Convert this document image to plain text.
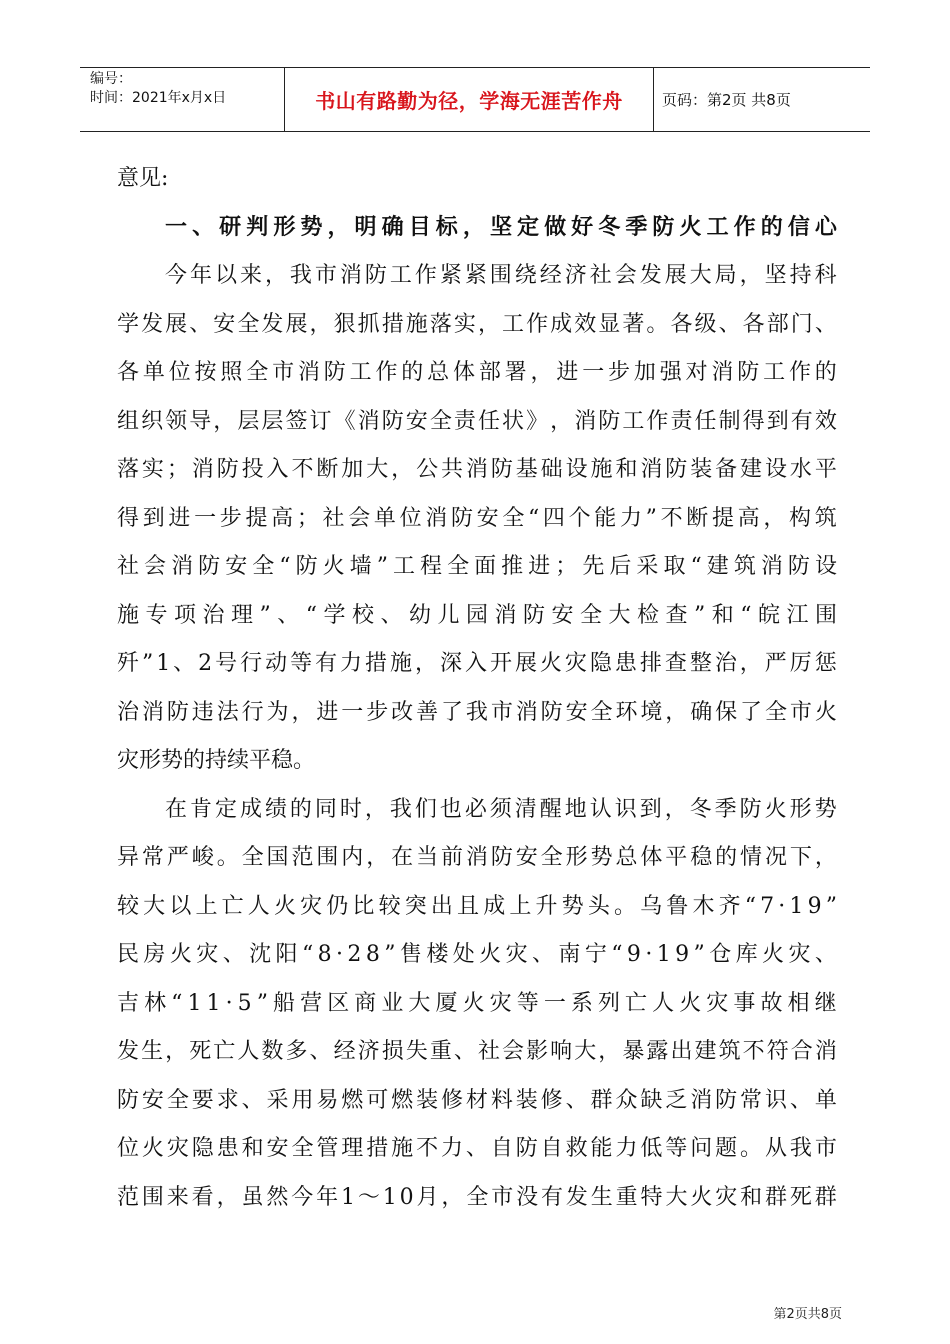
编号：
时间：2021年x月x日	书山有路勤为径，学海无涯苦作舟	页码：第2页 共8页
意见:
一 、 研 判 形 势 ， 明 确 目 标 ， 坚 定 做 好 冬 季 防 火 工 作 的 信 心
今 年 以 来 ， 我 市 消 防 工 作 紧 紧 围 绕 经 济 社 会 发 展 大 局 ， 坚 持 科
学 发 展 、 安 全 发 展 ， 狠 抓 措 施 落 实 ， 工 作 成 效 显 著 。 各 级 、 各 部 门 、
各 单 位 按 照 全 市 消 防 工 作 的 总 体 部 署 ， 进 一 步 加 强 对 消 防 工 作 的
组 织 领 导 ， 层 层 签 订 《 消 防 安 全 责 任 状 》 ， 消 防 工 作 责 任 制 得 到 有 效
落 实 ； 消 防 投 入 不 断 加 大 ， 公 共 消 防 基 础 设 施 和 消 防 装 备 建 设 水 平
得 到 进 一 步 提 高 ； 社 会 单 位 消 防 安 全 “ 四 个 能 力 ” 不 断 提 高 ， 构 筑
社 会 消 防 安 全 “ 防 火 墙 ” 工 程 全 面 推 进 ； 先 后 采 取 “ 建 筑 消 防 设
施 专 项 治 理 ” 、 “ 学 校 、 幼 儿 园 消 防 安 全 大 检 查 ” 和 “ 皖 江 围
歼 ” 1 、 2 号 行 动 等 有 力 措 施 ， 深 入 开 展 火 灾 隐 患 排 查 整 治 ， 严 厉 惩
治 消 防 违 法 行 为 ， 进 一 步 改 善 了 我 市 消 防 安 全 环 境 ， 确 保 了 全 市 火
灾形势的持续平稳。
在 肯 定 成 绩 的 同 时 ， 我 们 也 必 须 清 醒 地 认 识 到 ， 冬 季 防 火 形 势
异 常 严 峻 。 全 国 范 围 内 ， 在 当 前 消 防 安 全 形 势 总 体 平 稳 的 情 况 下 ，
较 大 以 上 亡 人 火 灾 仍 比 较 突 出 且 成 上 升 势 头 。 乌 鲁 木 齐 “ 7 · 1 9 ”
民 房 火 灾 、 沈 阳 “ 8 · 2 8 ” 售 楼 处 火 灾 、 南 宁 “ 9 · 1 9 ” 仓 库 火 灾 、
吉 林 “ 1 1 · 5 ” 船 营 区 商 业 大 厦 火 灾 等 一 系 列 亡 人 火 灾 事 故 相 继
发 生 ， 死 亡 人 数 多 、 经 济 损 失 重 、 社 会 影 响 大 ， 暴 露 出 建 筑 不 符 合 消
防 安 全 要 求 、 采 用 易 燃 可 燃 装 修 材 料 装 修 、 群 众 缺 乏 消 防 常 识 、 单
位 火 灾 隐 患 和 安 全 管 理 措 施 不 力 、 自 防 自 救 能 力 低 等 问 题 。 从 我 市
范 围 来 看 ， 虽 然 今 年 1 ～ 1 0 月 ， 全 市 没 有 发 生 重 特 大 火 灾 和 群 死 群
第2页共8页
